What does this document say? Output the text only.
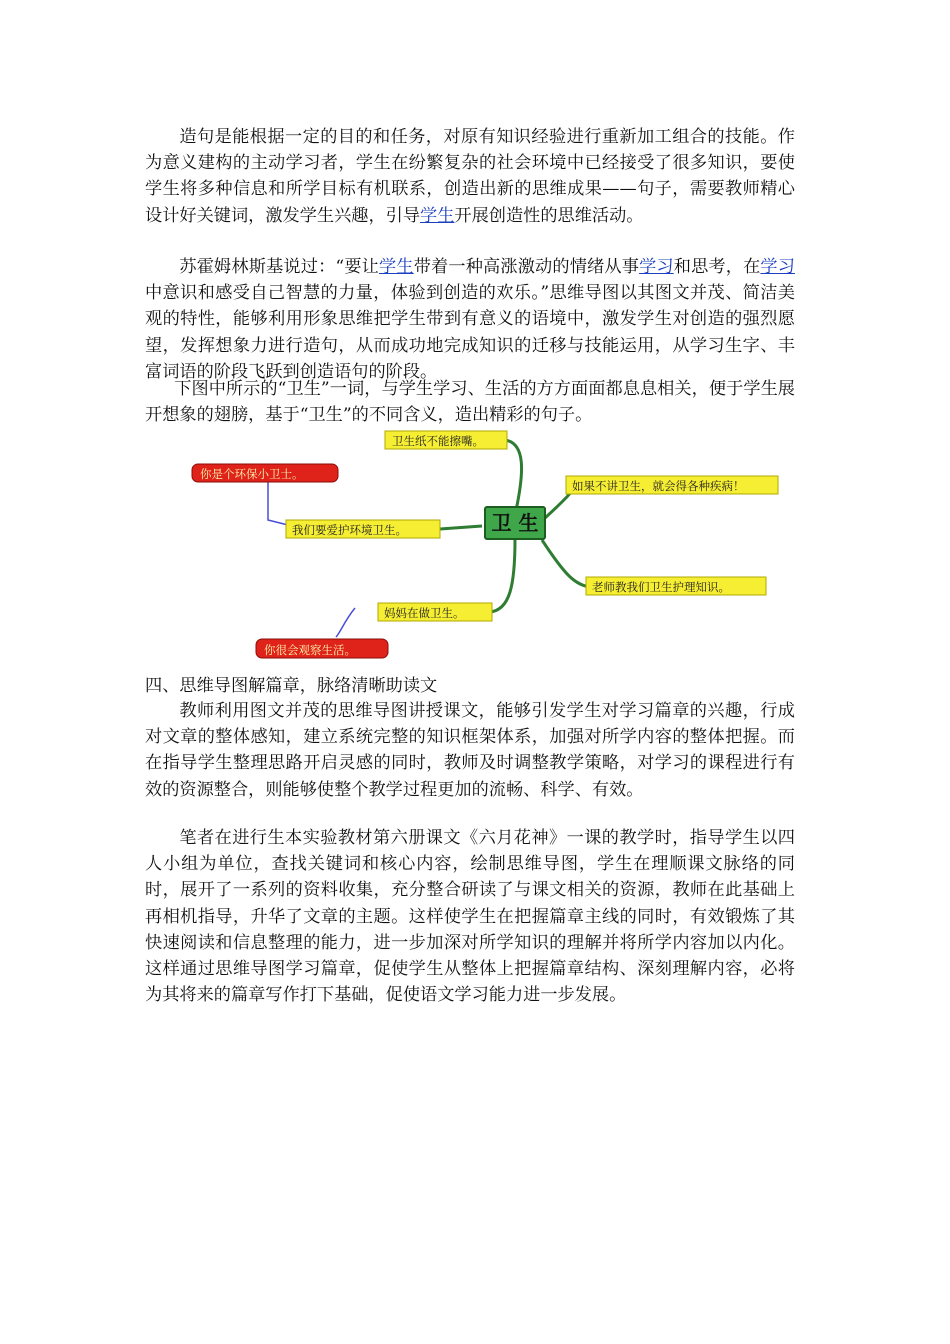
造句是能根据一定的目的和任务，对原有知识经验进行重新加工组合的技能。作为意义建构的主动学习者，学生在纷繁复杂的社会环境中已经接受了很多知识，要使学生将多种信息和所学目标有机联系，创造出新的思维成果——句子，需要教师精心设计好关键词，激发学生兴趣，引导学生开展创造性的思维活动。

苏霍姆林斯基说过：“要让学生带着一种高涨激动的情绪从事学习和思考，在学习中意识和感受自己智慧的力量，体验到创造的欢乐。”思维导图以其图文并茂、简洁美观的特性，能够利用形象思维把学生带到有意义的语境中，激发学生对创造的强烈愿望，发挥想象力进行造句，从而成功地完成知识的迁移与技能运用，从学习生字、丰富词语的阶段飞跃到创造语句的阶段。

下图中所示的“卫生”一词，与学生学习、生活的方方面面都息息相关，便于学生展开想象的翅膀，基于“卫生”的不同含义，造出精彩的句子。

卫 生
卫生纸不能擦嘴。
如果不讲卫生，就会得各种疾病！
我们要爱护环境卫生。
老师教我们卫生护理知识。
妈妈在做卫生。
你是个环保小卫士。
你很会观察生活。

四、思维导图解篇章，脉络清晰助读文

教师利用图文并茂的思维导图讲授课文，能够引发学生对学习篇章的兴趣，行成对文章的整体感知，建立系统完整的知识框架体系，加强对所学内容的整体把握。而在指导学生整理思路开启灵感的同时，教师及时调整教学策略，对学习的课程进行有效的资源整合，则能够使整个教学过程更加的流畅、科学、有效。

笔者在进行生本实验教材第六册课文《六月花神》一课的教学时，指导学生以四人小组为单位，查找关键词和核心内容，绘制思维导图，学生在理顺课文脉络的同时，展开了一系列的资料收集，充分整合研读了与课文相关的资源，教师在此基础上再相机指导，升华了文章的主题。这样使学生在把握篇章主线的同时，有效锻炼了其快速阅读和信息整理的能力，进一步加深对所学知识的理解并将所学内容加以内化。这样通过思维导图学习篇章，促使学生从整体上把握篇章结构、深刻理解内容，必将为其将来的篇章写作打下基础，促使语文学习能力进一步发展。
